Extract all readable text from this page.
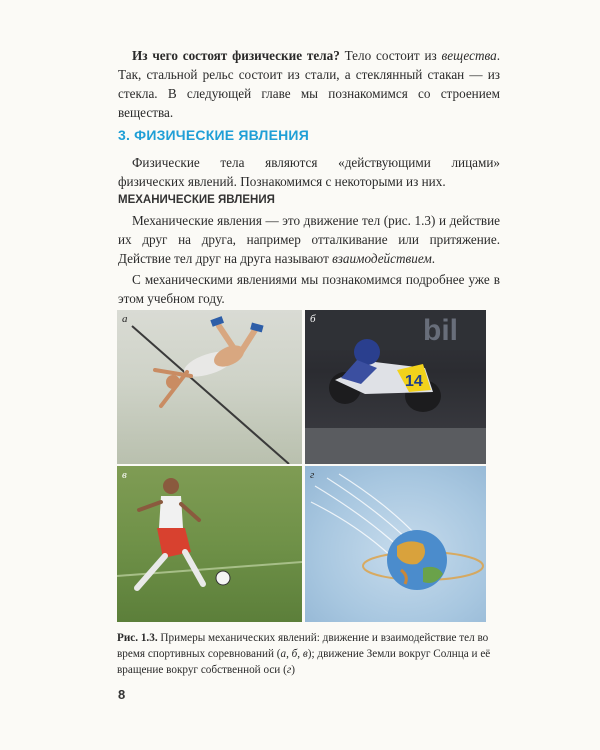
Из чего состоят физические тела? Тело состоит из вещества. Так, стальной рельс состоит из стали, а стеклянный стакан — из стекла. В следующей главе мы познакомимся со строением вещества.

3. ФИЗИЧЕСКИЕ ЯВЛЕНИЯ

Физические тела являются «действующими лицами» физических явлений. Познакомимся с некоторыми из них.

МЕХАНИЧЕСКИЕ ЯВЛЕНИЯ

Механические явления — это движение тел (рис. 1.3) и действие их друг на друга, например отталкивание или притяжение. Действие тел друг на друга называют взаимодействием.

С механическими явлениями мы познакомимся подробнее уже в этом учебном году.

а	bil
14
б
в	г
Рис. 1.3. Примеры механических явлений: движение и взаимодействие тел во время спортивных соревнований (а, б, в); движение Земли вокруг Солнца и её вращение вокруг собственной оси (г)
8
